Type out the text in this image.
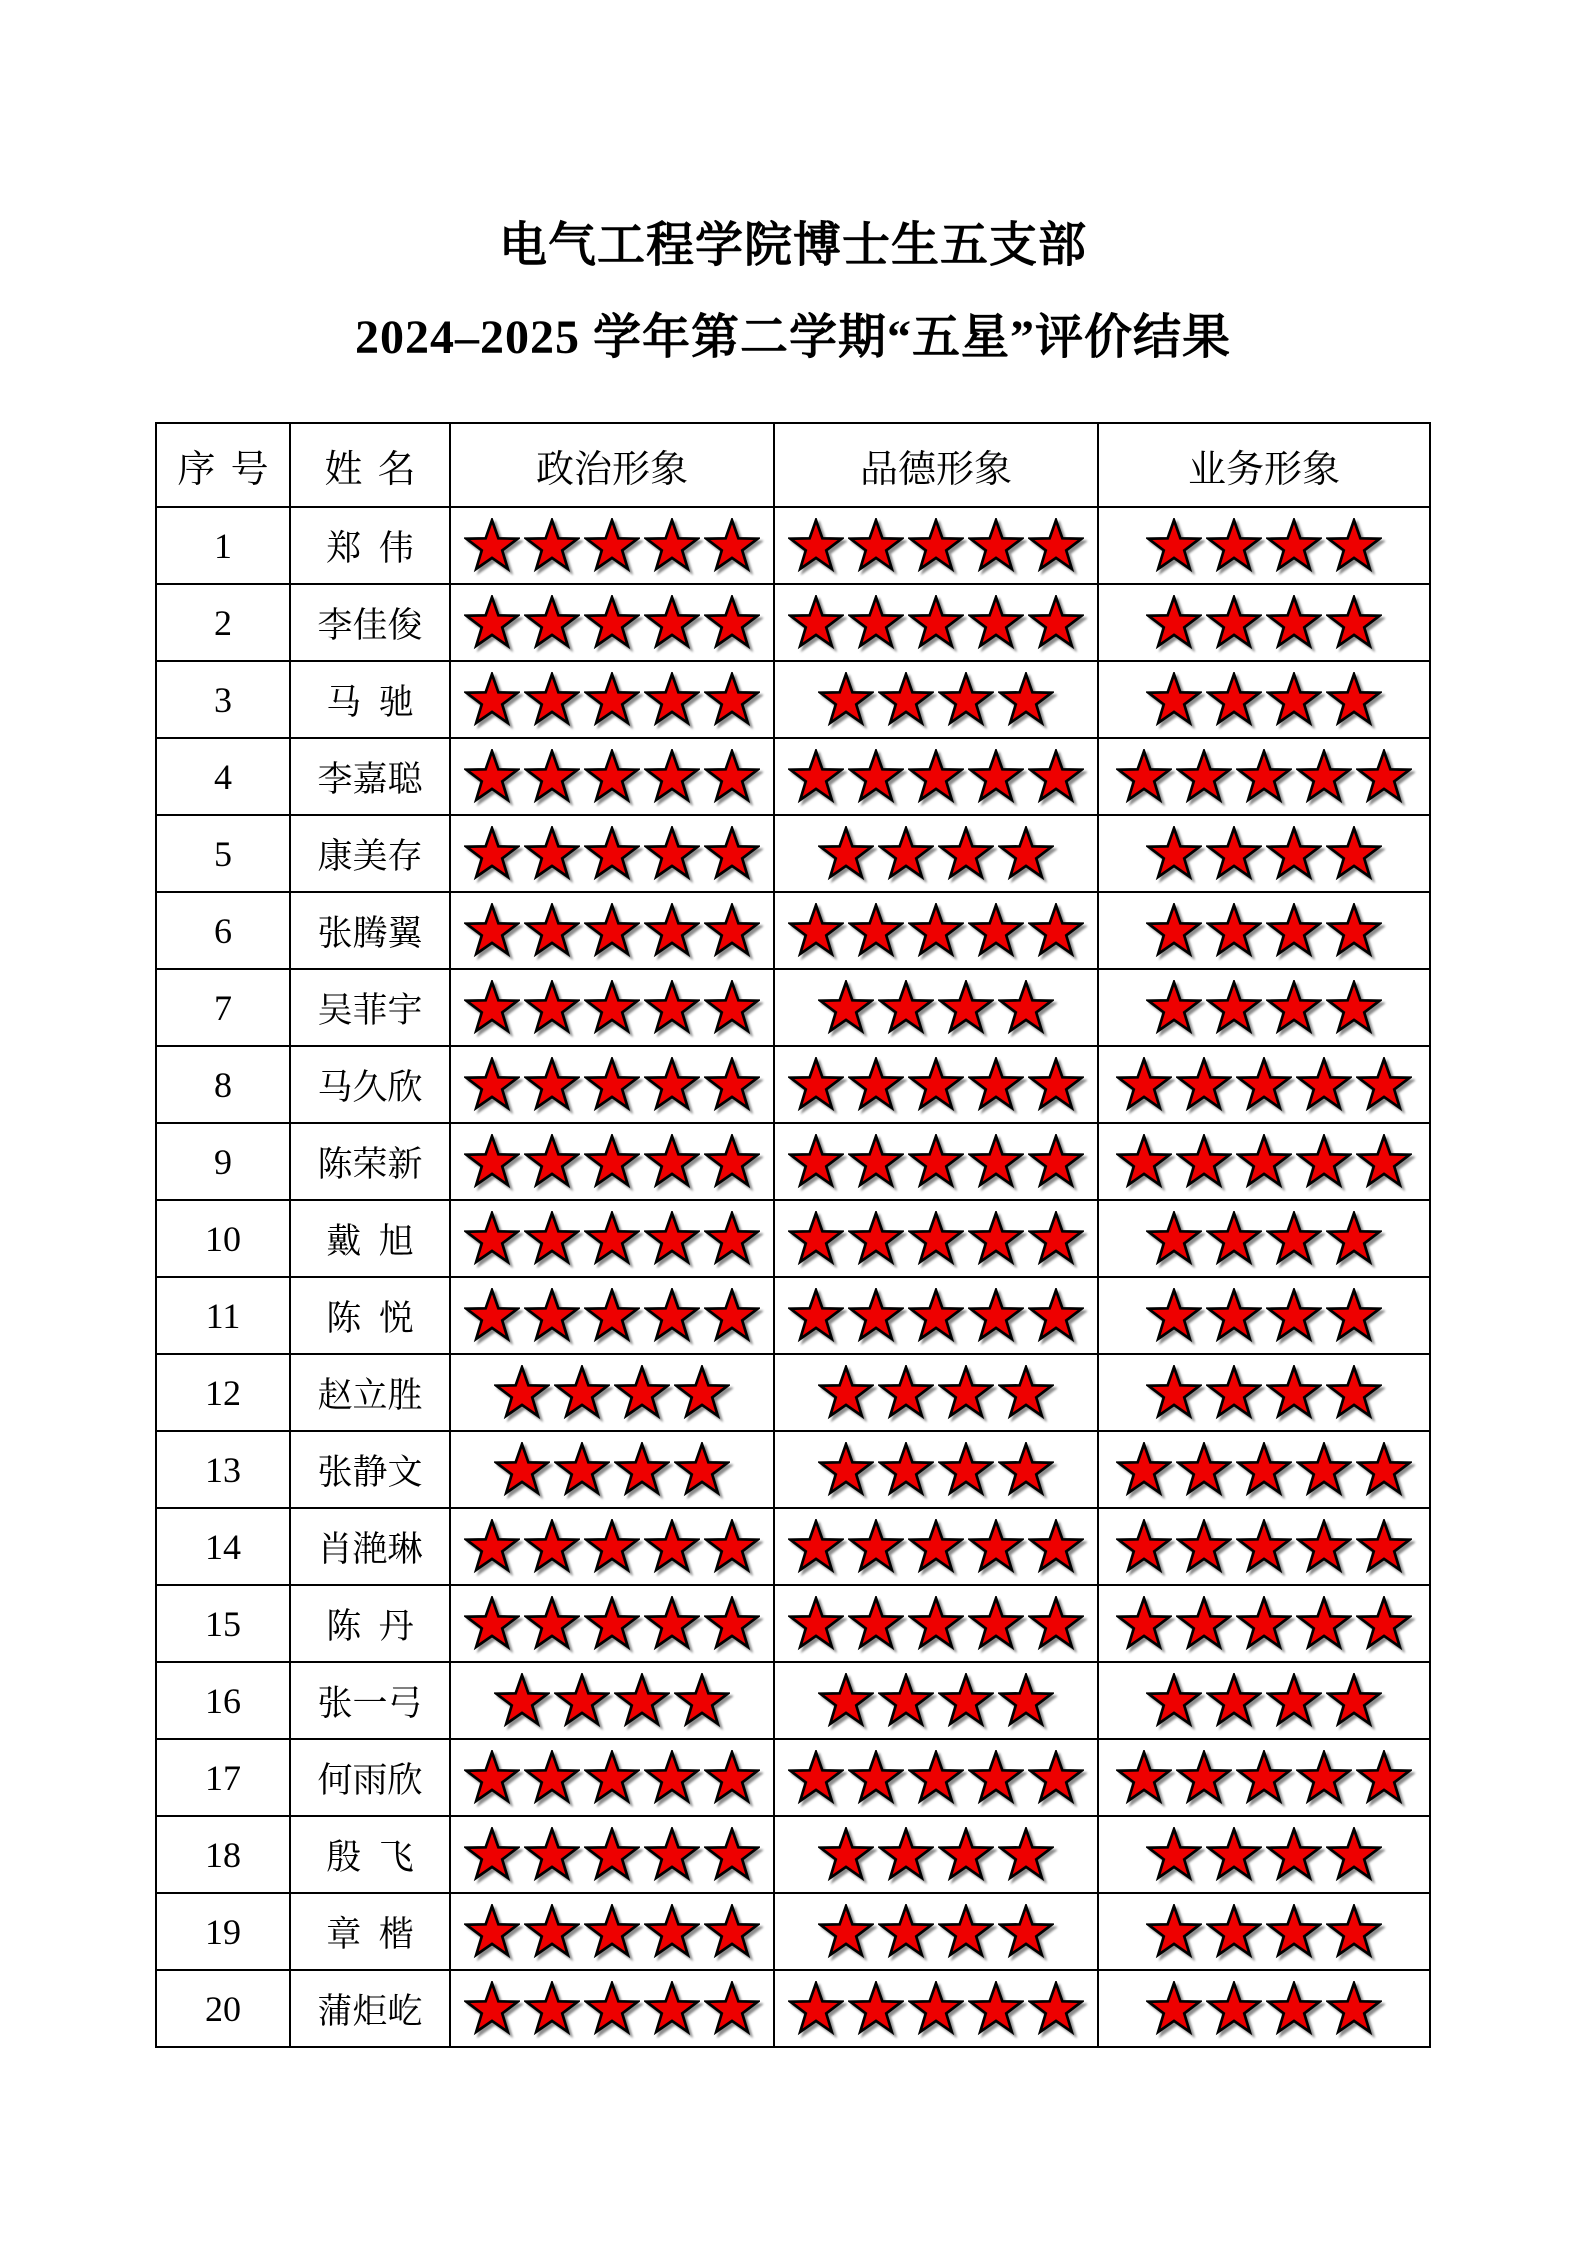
电气工程学院博士生五支部
2024–2025 学年第二学期“五星”评价结果
序号	姓名	政治形象	品德形象	业务形象
1	郑伟	

2	李佳俊	

3	马驰	

4	李嘉聪	

5	康美存	

6	张腾翼	

7	吴菲宇	

8	马久欣	

9	陈荣新	

10	戴旭	

11	陈悦	

12	赵立胜	

13	张静文	

14	肖滟琳	

15	陈丹	

16	张一弓	

17	何雨欣	

18	殷飞	

19	章楷	

20	蒲炬屹	
